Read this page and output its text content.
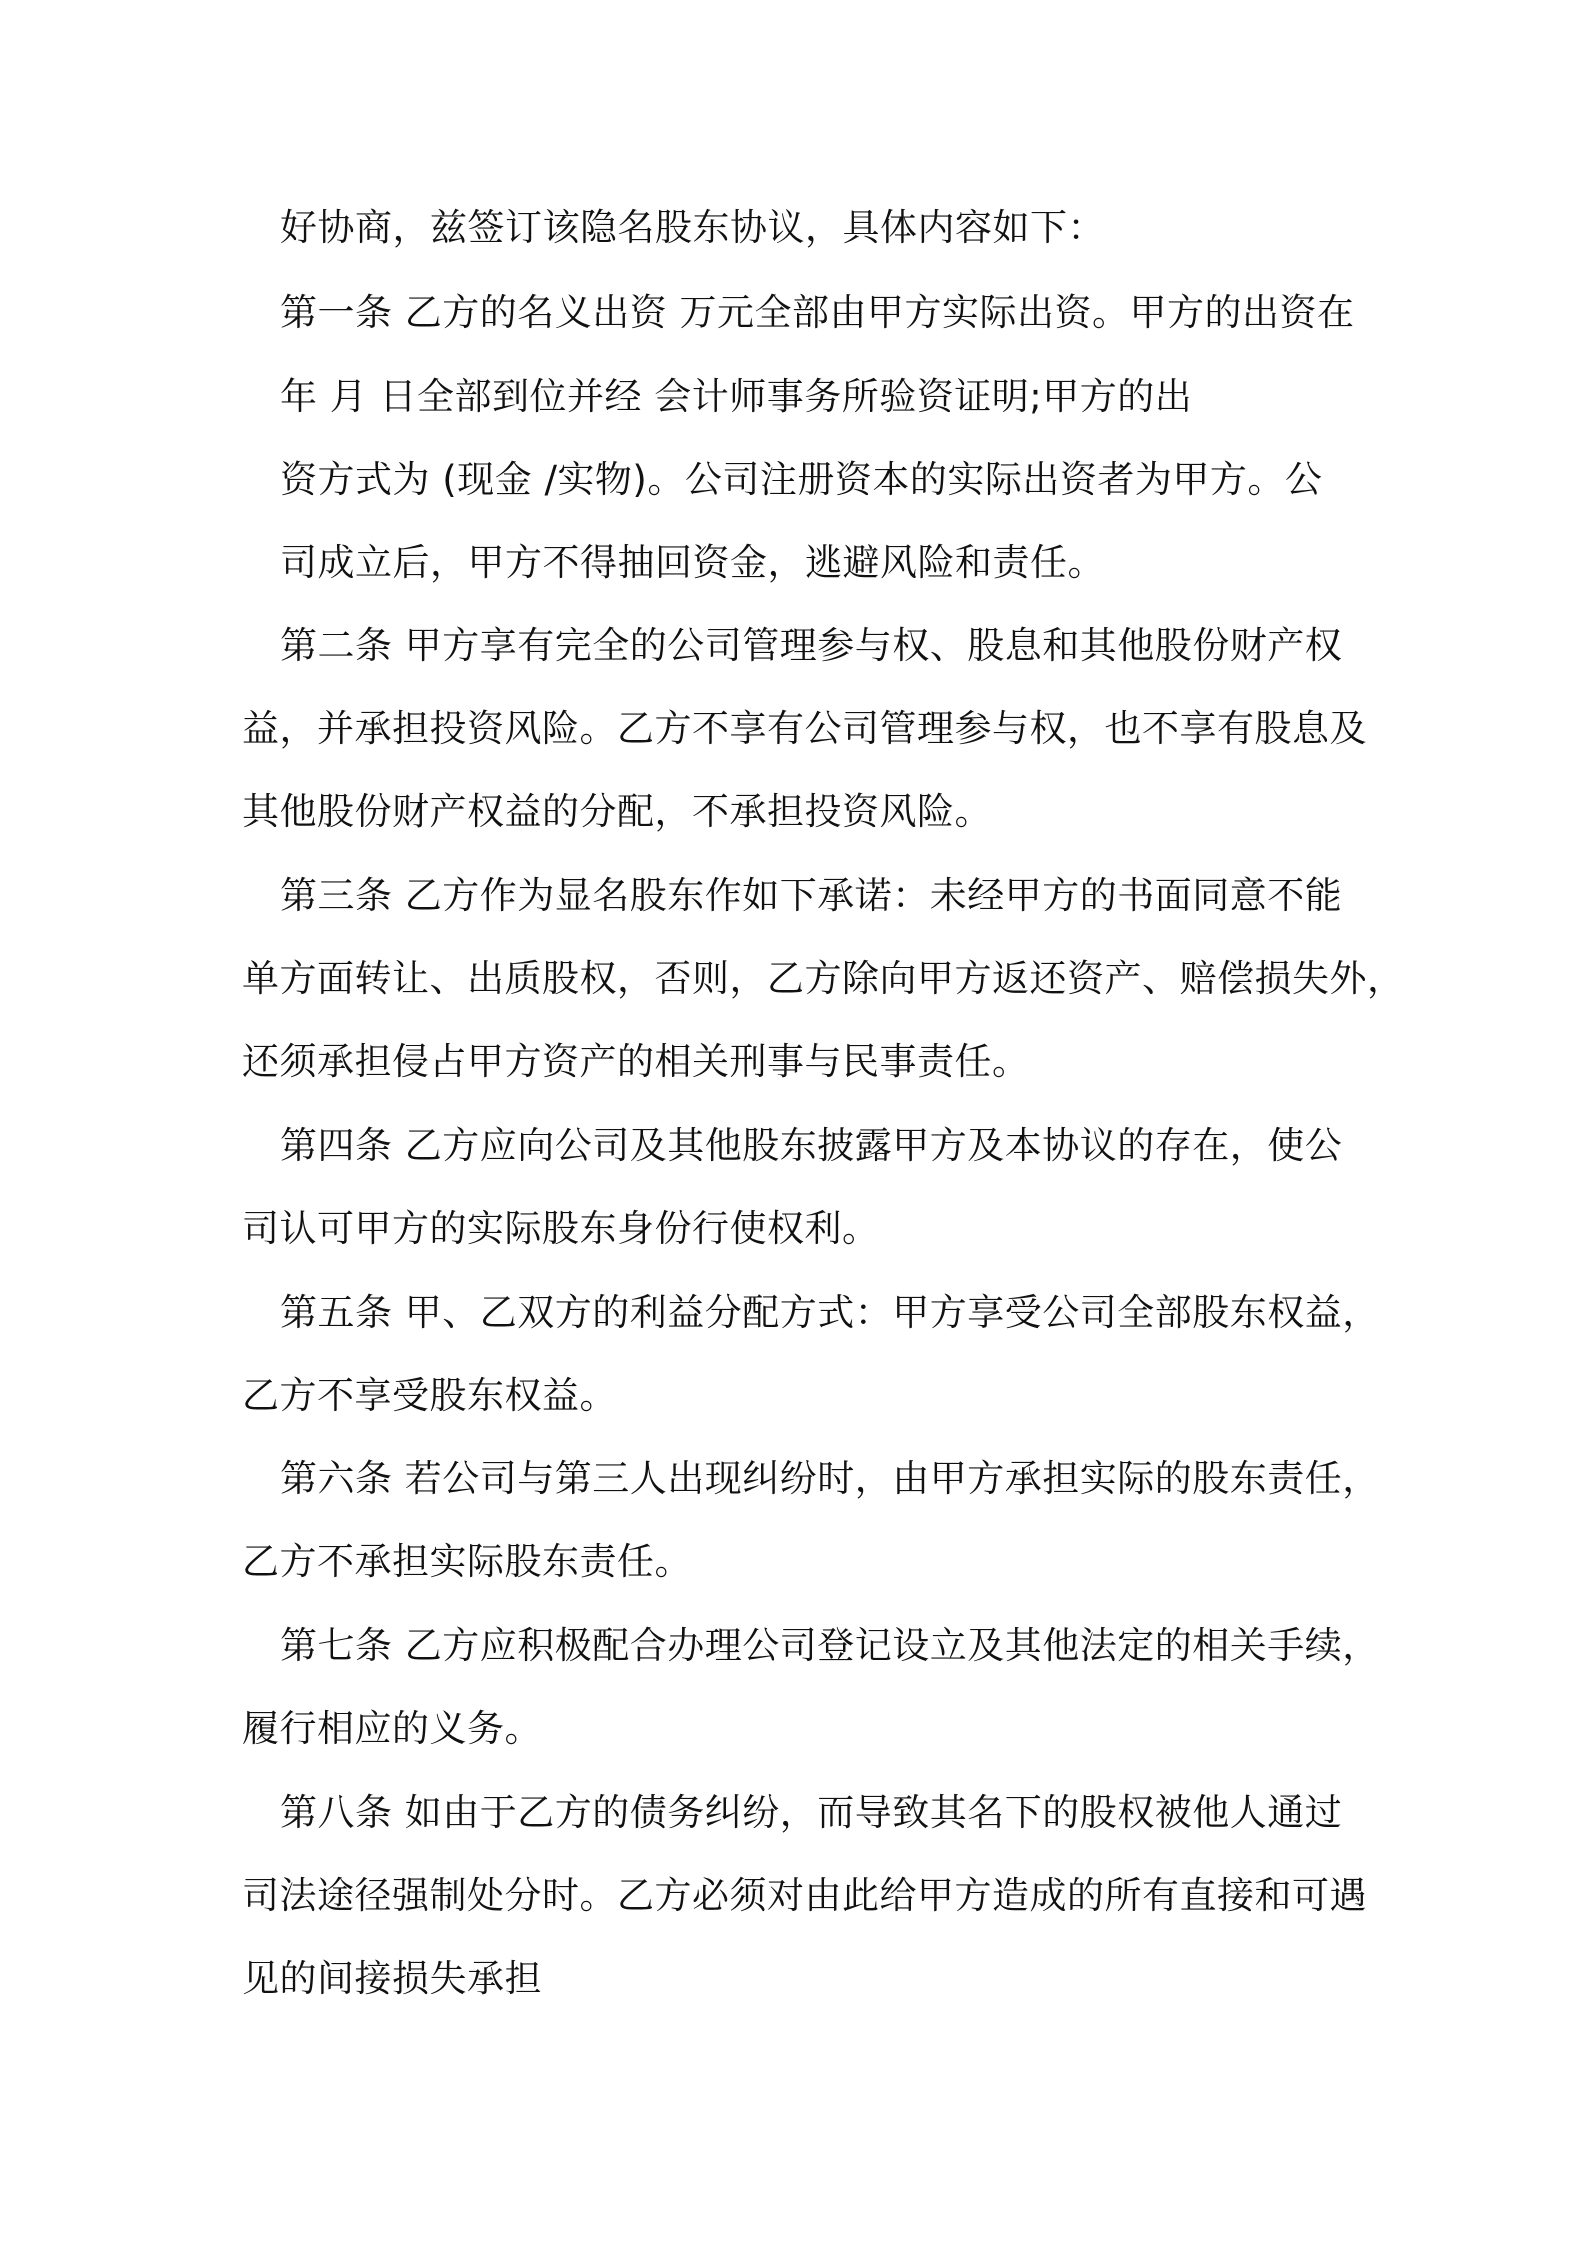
好协商，兹签订该隐名股东协议，具体内容如下：

第一条 乙方的名义出资 万元全部由甲方实际出资。甲方的出资在

年 月 日全部到位并经 会计师事务所验资证明;甲方的出

资方式为 (现金 /实物)。公司注册资本的实际出资者为甲方。公

司成立后，甲方不得抽回资金，逃避风险和责任。

第二条 甲方享有完全的公司管理参与权、股息和其他股份财产权

益，并承担投资风险。乙方不享有公司管理参与权，也不享有股息及

其他股份财产权益的分配，不承担投资风险。

第三条 乙方作为显名股东作如下承诺：未经甲方的书面同意不能

单方面转让、出质股权，否则，乙方除向甲方返还资产、赔偿损失外，

还须承担侵占甲方资产的相关刑事与民事责任。

第四条 乙方应向公司及其他股东披露甲方及本协议的存在，使公

司认可甲方的实际股东身份行使权利。

第五条 甲、乙双方的利益分配方式：甲方享受公司全部股东权益，

乙方不享受股东权益。

第六条 若公司与第三人出现纠纷时，由甲方承担实际的股东责任，

乙方不承担实际股东责任。

第七条 乙方应积极配合办理公司登记设立及其他法定的相关手续，

履行相应的义务。

第八条 如由于乙方的债务纠纷，而导致其名下的股权被他人通过

司法途径强制处分时。乙方必须对由此给甲方造成的所有直接和可遇

见的间接损失承担
